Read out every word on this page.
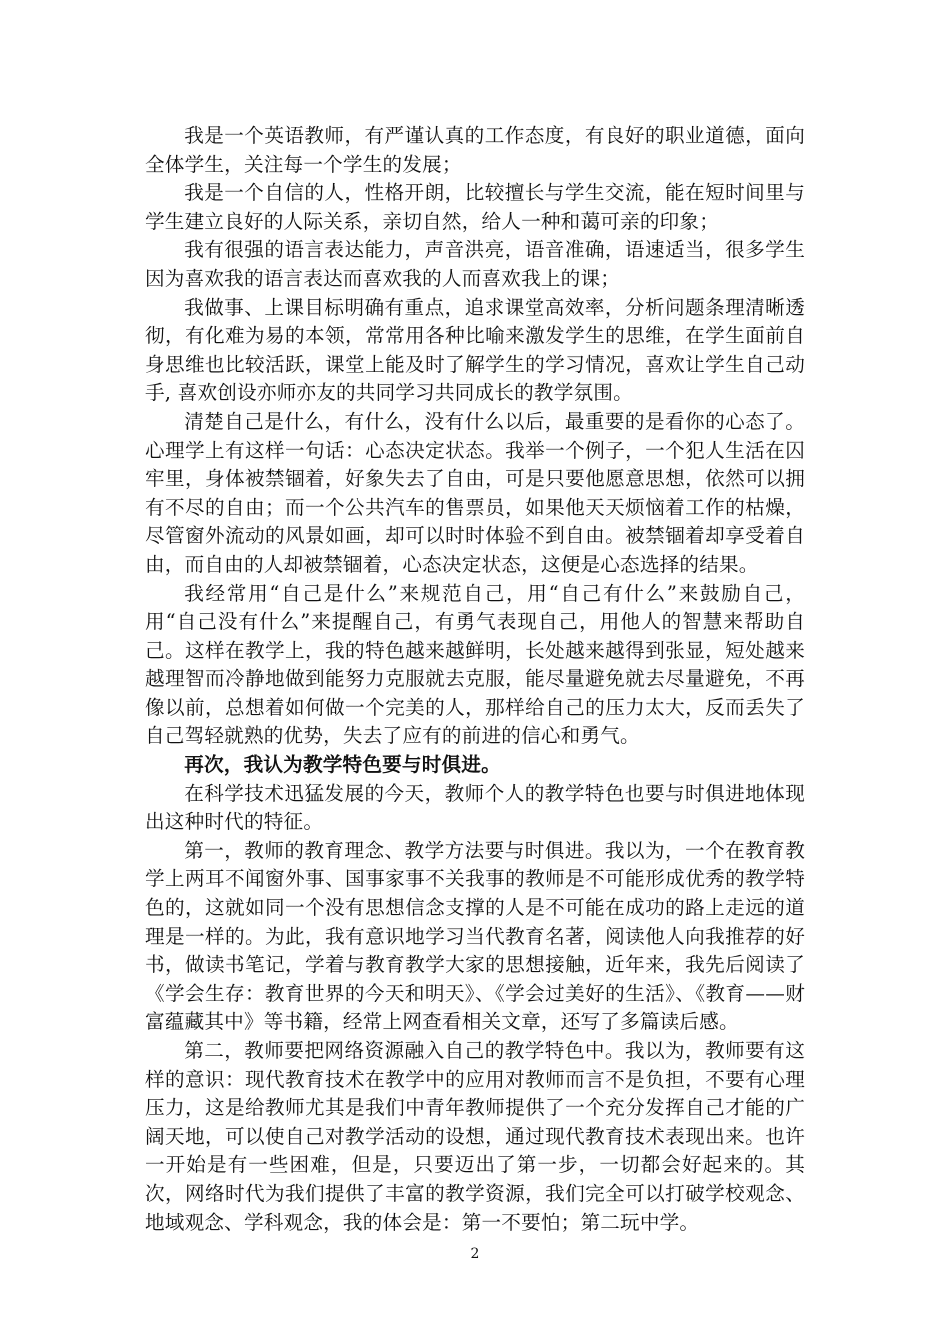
我是一个英语教师，有严谨认真的工作态度，有良好的职业道德，面向全体学生，关注每一个学生的发展；

我是一个自信的人，性格开朗，比较擅长与学生交流，能在短时间里与学生建立良好的人际关系，亲切自然，给人一种和蔼可亲的印象；

我有很强的语言表达能力，声音洪亮，语音准确，语速适当，很多学生因为喜欢我的语言表达而喜欢我的人而喜欢我上的课；

我做事、上课目标明确有重点，追求课堂高效率，分析问题条理清晰透彻，有化难为易的本领，常常用各种比喻来激发学生的思维，在学生面前自身思维也比较活跃，课堂上能及时了解学生的学习情况，喜欢让学生自己动手, 喜欢创设亦师亦友的共同学习共同成长的教学氛围。

清楚自己是什么，有什么，没有什么以后，最重要的是看你的心态了。心理学上有这样一句话：心态决定状态。我举一个例子，一个犯人生活在囚牢里，身体被禁锢着，好象失去了自由，可是只要他愿意思想，依然可以拥有不尽的自由；而一个公共汽车的售票员，如果他天天烦恼着工作的枯燥，尽管窗外流动的风景如画，却可以时时体验不到自由。被禁锢着却享受着自由，而自由的人却被禁锢着，心态决定状态，这便是心态选择的结果。

我经常用“自己是什么”来规范自己，用“自己有什么”来鼓励自己，用“自己没有什么”来提醒自己，有勇气表现自己，用他人的智慧来帮助自己。这样在教学上，我的特色越来越鲜明，长处越来越得到张显，短处越来越理智而冷静地做到能努力克服就去克服，能尽量避免就去尽量避免，不再像以前，总想着如何做一个完美的人，那样给自己的压力太大，反而丢失了自己驾轻就熟的优势，失去了应有的前进的信心和勇气。

再次，我认为教学特色要与时俱进。

在科学技术迅猛发展的今天，教师个人的教学特色也要与时俱进地体现出这种时代的特征。

第一，教师的教育理念、教学方法要与时俱进。我以为，一个在教育教学上两耳不闻窗外事、国事家事不关我事的教师是不可能形成优秀的教学特色的，这就如同一个没有思想信念支撑的人是不可能在成功的路上走远的道理是一样的。为此，我有意识地学习当代教育名著，阅读他人向我推荐的好书，做读书笔记，学着与教育教学大家的思想接触，近年来，我先后阅读了《学会生存：教育世界的今天和明天》、《学会过美好的生活》、《教育——财富蕴藏其中》等书籍，经常上网查看相关文章，还写了多篇读后感。

第二，教师要把网络资源融入自己的教学特色中。我以为，教师要有这样的意识：现代教育技术在教学中的应用对教师而言不是负担，不要有心理压力，这是给教师尤其是我们中青年教师提供了一个充分发挥自己才能的广阔天地，可以使自己对教学活动的设想，通过现代教育技术表现出来。也许一开始是有一些困难，但是，只要迈出了第一步，一切都会好起来的。其次，网络时代为我们提供了丰富的教学资源，我们完全可以打破学校观念、地域观念、学科观念，我的体会是：第一不要怕；第二玩中学。

2
